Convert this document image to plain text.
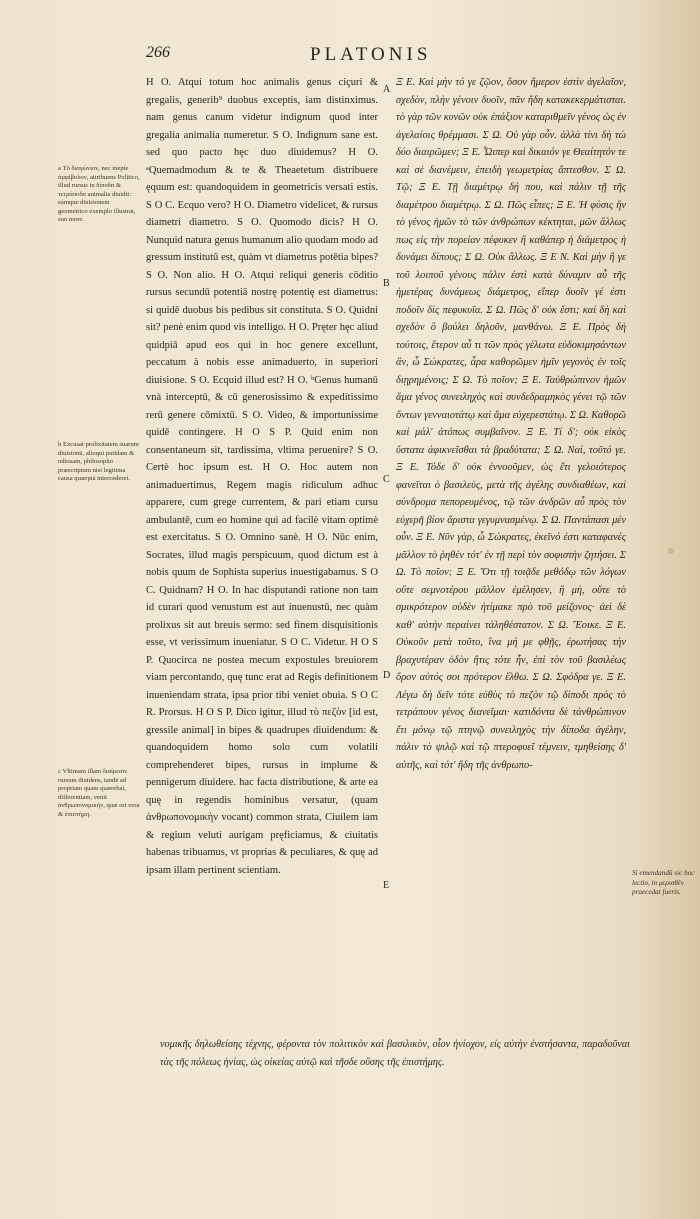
266	PLATONIS
a Τὸ διαγώνιον, nec inepte ἀμφίβολον, attribuens Politico, illud rursus in δίποδα & τετράποδα animalia diuidit: eámque diuisionem geometrico exemplo illustrat, suo more.
b Excusat prolixitatem suarum diuisionū, alioqui putidam & odiosam, philosopho præscriptum nisi legitima causa quærpiá intercederet.
c Vltimam illam διαίρεσιν rursum diuidens, tandē ad propriam quam quærebat, differentiam, venit ἀνθρωπονομικὴν, quæ est vera & ἐπιστήμη.

H O. Atqui totum hoc animalis genus ciçuri & gregalis, generib⁹ duobus exceptis, iam distinximus. nam genus canum videtur indignum quod inter gregalia animalia numeretur. S O. Indignum sane est. sed quo pacto hęc duo diuidemus? H O. ᵃQuemadmodum & te & Theaetetum distribuere ęquum est: quandoquidem in geometricis versati estis. S O C. Ecquo vero? H O. Diametro videlicet, & rursus diametri diametro. S O. Quomodo dicis? H O. Nunquid natura genus humanum alio quodam modo ad gressum institutū est, quàm vt diametrus potētia bipes? S O. Non alio. H O. Atqui reliqui generis cōditio rursus secundū potentiā nostrę potentię est diametrus: si quidē duobus bis pedibus sit constituta. S O. Quidni sit? penè enim quod vis intelligo. H O. Pręter hęc aliud quidpiā apud eos qui in hoc genere excellunt, peccatum à nobis esse animaduerto, in superiori diuisione. S O. Ecquid illud est? H O. ᵇGenus humanū vnà interceptū, & cū generosissimo & expeditissimo rerū genere cōmixtū. S O. Video, & importunissime quidē contingere. H O S P. Quid enim non consentaneum sit, tardissima, vltima peruenire? S O. Certè hoc ipsum est. H O. Hoc autem non animaduertimus, Regem magis ridiculum adhuc apparere, cum grege currentem, & pari etiam cursu ambulantē, cum eo homine qui ad facilè vitam optimè est exercitatus. S O. Omnino sanè. H O. Nūc enim, Socrates, illud magis perspicuum, quod dictum est à nobis quum de Sophista superius inuestigabamus. S O C. Quidnam? H O. In hac disputandi ratione non tam id curari quod venustum est aut inuenustū, nec quàm prolixus sit aut breuis sermo: sed finem disquisitionis esse, vt verissimum inueniatur. S O C. Videtur. H O S P. Quocirca ne postea mecum expostules breuiorem viam percontando, quę tunc erat ad Regis definitionem inueniendam strata, ipsa prior tibi veniet obuia. S O C R. Prorsus. H O S P. Dico igitur, illud τὸ πεζὸν [id est, gressile animal] in bipes & quadrupes diuidendum: & quandoquidem homo solo cum volatili comprehenderet bipes, rursus in implume & pennigerum diuidere. hac facta distributione, & arte ea quę in regendis hominibus versatur, (quam ἀνθρωπονομικὴν vocant) common strata, Ciuilem iam & regium veluti aurigam pręficiamus, & ciuitatis habenas tribuamus, vt proprias & peculiares, & quę ad ipsam illam pertinent scientiam.

A
B
C
D
E

Ξ Ε. Καὶ μὴν τό γε ζῷον, ὅσον ἥμερον ἐστὶν ἀγελαῖον, σχεδὸν, πλὴν γένοιν δυοῖν, πᾶν ἤδη κατακεκερμάτισται. τὸ γὰρ τῶν κυνῶν οὐκ ἐπάξιον καταριθμεῖν γένος ὡς ἐν ἀγελαίοις θρέμμασι. Σ Ω. Οὐ γὰρ οὖν. ἀλλὰ τίνι δὴ τὼ δύο διαιρῶμεν; Ξ Ε. Ὧιπερ καὶ δικαιόν γε Θεαίτητόν τε καὶ σὲ διανέμειν, ἐπειδὴ γεωμετρίας ἅπτεσθον. Σ Ω. Τῷ; Ξ Ε. Τῇ διαμέτρῳ δή που, καὶ πάλιν τῇ τῆς διαμέτρου διαμέτρῳ. Σ Ω. Πῶς εἶπες; Ξ Ε. Ἡ φύσις ἣν τὸ γένος ἡμῶν τὸ τῶν ἀνθρώπων κέκτηται, μῶν ἄλλως πως εἰς τὴν πορείαν πέφυκεν ἢ καθάπερ ἡ διάμετρος ἡ δυνάμει δίπους; Σ Ω. Οὐκ ἄλλως. Ξ Ε Ν. Καὶ μὴν ἥ γε τοῦ λοιποῦ γένους πάλιν ἐστὶ κατὰ δύναμιν αὖ τῆς ἡμετέρας δυνάμεως διάμετρος, εἴπερ δυοῖν γέ ἐστι ποδοῖν δὶς πεφυκυῖα. Σ Ω. Πῶς δ' οὐκ ἔστι; καὶ δὴ καὶ σχεδὸν ὃ βούλει δηλοῦν, μανθάνω. Ξ Ε. Πρὸς δὴ τούτοις, ἕτερον αὖ τι τῶν πρὸς γέλωτα εὐδοκιμησάντων ἂν, ὦ Σώκρατες, ἆρα καθορῶμεν ἡμῖν γεγονὸς ἐν τοῖς διῃρημένοις; Σ Ω. Τὸ ποῖον; Ξ Ε. Ταὐθρώπινον ἡμῶν ἅμα γένος συνειληχὸς καὶ συνδεδραμηκὸς γένει τῷ τῶν ὄντων γενναιοτάτῳ καὶ ἅμα εὐχερεστάτῳ. Σ Ω. Καθορῶ καὶ μάλ' ἀτόπως συμβαῖνον. Ξ Ε. Τί δ'; οὐκ εἰκὸς ὕστατα ἀφικνεῖσθαι τὰ βραδύτατα; Σ Ω. Ναί, τοῦτό γε. Ξ Ε. Τόδε δ' οὐκ ἐννοοῦμεν, ὡς ἔτι γελοιότερος φανεῖται ὁ βασιλεὺς, μετὰ τῆς ἀγέλης συνδιαθέων, καὶ σύνδρομα πεπορευμένος, τῷ τῶν ἀνδρῶν αὖ πρὸς τὸν εὐχερῆ βίον ἄριστα γεγυμνασμένῳ. Σ Ω. Παντάπασι μὲν οὖν. Ξ Ε. Νῦν γὰρ, ὦ Σώκρατες, ἐκεῖνό ἐστι καταφανὲς μᾶλλον τὸ ῥηθὲν τότ' ἐν τῇ περὶ τὸν σοφιστὴν ζητήσει. Σ Ω. Τὸ ποῖον; Ξ Ε. Ὅτι τῇ τοιᾷδε μεθόδῳ τῶν λόγων οὔτε σεμνοτέρου μᾶλλον ἐμέλησεν, ἢ μὴ, οὔτε τὸ σμικρότερον οὐδὲν ἠτίμακε πρὸ τοῦ μείζονος· ἀεὶ δὲ καθ' αὑτὴν περαίνει τἀληθέστατον. Σ Ω. Ἔοικε. Ξ Ε. Οὐκοῦν μετὰ τοῦτο, ἵνα μή με φθῇς, ἐρωτήσας τὴν βραχυτέραν ὁδὸν ἥτις τότε ἦν, ἐπὶ τὸν τοῦ βασιλέως ὅρον αὐτός σοι πρότερον ἔλθω. Σ Ω. Σφόδρα γε. Ξ Ε. Λέγω δὴ δεῖν τότε εὐθὺς τὸ πεζὸν τῷ δίποδι πρὸς τὸ τετράπουν γένος διανεῖμαι· κατιδόντα δὲ τἀνθρώπινον ἔτι μόνῳ τῷ πτηνῷ συνειληχὸς τὴν δίποδα ἀγέλην, πάλιν τὸ ψιλῷ καὶ τῷ πτεροφυεῖ τέμνειν, τμηθείσης δ' αὐτῆς, καὶ τότ' ἤδη τῆς ἀνθρωπο-

Si emendandū sic hoc lectio, in μερισθὲν praecedat fueris.
νομικῆς δηλωθείσης τέχνης, φέροντα τὸν πολιτικὸν καὶ βασιλικὸν, οἷον ἡνίοχον, εἰς αὐτὴν ἐνστήσαντα, παραδοῦναι τὰς τῆς πόλεως ἡνίας, ὡς οἰκείας αὐτῷ καὶ τῆσδε οὔσης τῆς ἐπιστήμης.
